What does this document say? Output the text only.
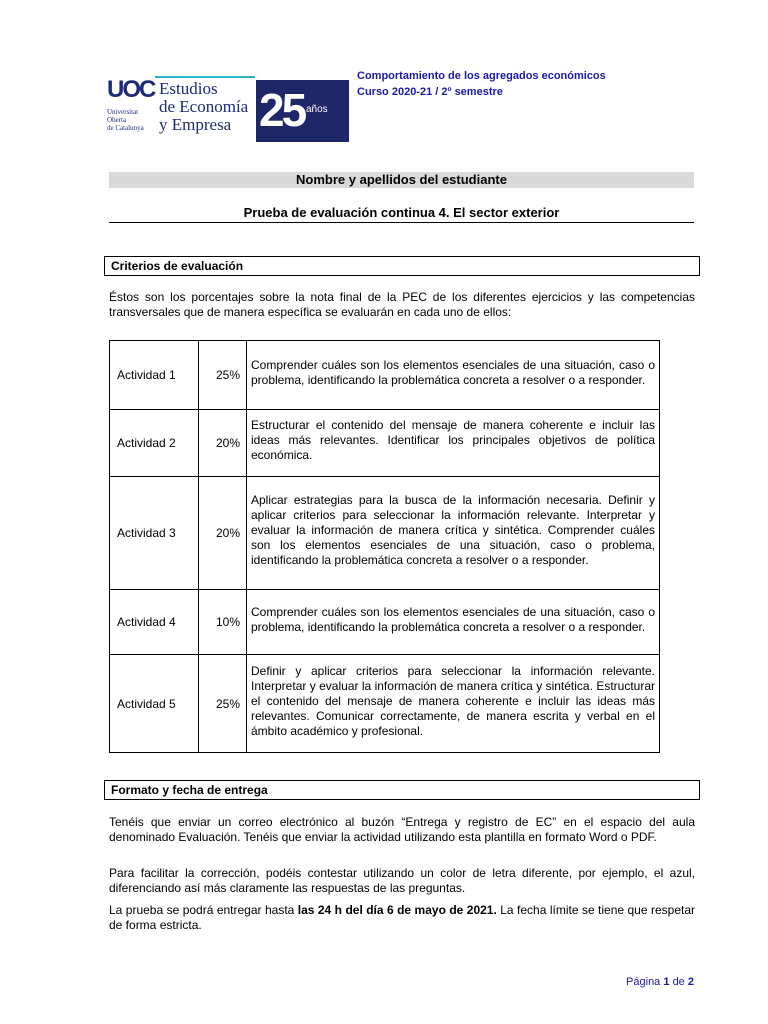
UOC
Universitat
Oberta
de Catalunya
Estudios
de Economía
y Empresa 25 años
Comportamiento de los agregados económicos
Curso 2020-21 / 2º semestre
Nombre y apellidos del estudiante
Prueba de evaluación continua 4. El sector exterior
Criterios de evaluación
Éstos son los porcentajes sobre la nota final de la PEC de los diferentes ejercicios y las competencias transversales que de manera específica se evaluarán en cada uno de ellos:
Actividad 1	25%	Comprender cuáles son los elementos esenciales de una situación, caso o problema, identificando la problemática concreta a resolver o a responder.
Actividad 2	20%	Estructurar el contenido del mensaje de manera coherente e incluir las ideas más relevantes. Identificar los principales objetivos de política económica.
Actividad 3	20%	Aplicar estrategias para la busca de la información necesaria. Definir y aplicar criterios para seleccionar la información relevante. Interpretar y evaluar la información de manera crítica y sintética. Comprender cuáles son los elementos esenciales de una situación, caso o problema, identificando la problemática concreta a resolver o a responder.
Actividad 4	10%	Comprender cuáles son los elementos esenciales de una situación, caso o problema, identificando la problemática concreta a resolver o a responder.
Actividad 5	25%	Definir y aplicar criterios para seleccionar la información relevante. Interpretar y evaluar la información de manera crítica y sintética. Estructurar el contenido del mensaje de manera coherente e incluir las ideas más relevantes. Comunicar correctamente, de manera escrita y verbal en el ámbito académico y profesional.
Formato y fecha de entrega
Tenéis que enviar un correo electrónico al buzón “Entrega y registro de EC” en el espacio del aula denominado Evaluación. Tenéis que enviar la actividad utilizando esta plantilla en formato Word o PDF.
Para facilitar la corrección, podéis contestar utilizando un color de letra diferente, por ejemplo, el azul, diferenciando así más claramente las respuestas de las preguntas.
La prueba se podrá entregar hasta las 24 h del día 6 de mayo de 2021. La fecha límite se tiene que respetar de forma estricta.
Página 1 de 2
